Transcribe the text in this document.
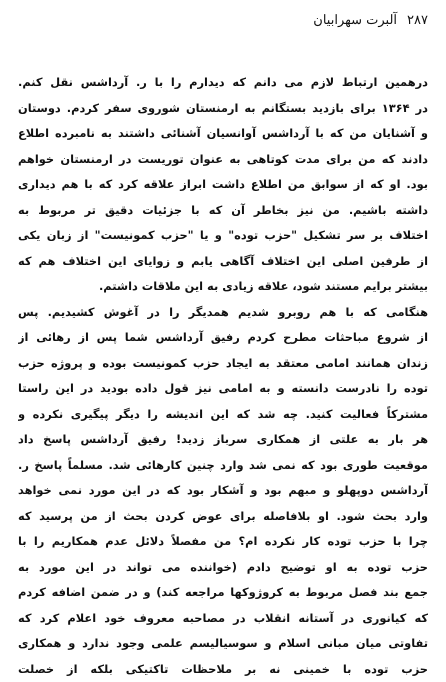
۲۸۷
آلبرت سهرابیان
درهمین ارتباط لازم می دانم که دیدارم را با ر. آرداشس نقل کنم.
در ۱۳۶۴ برای بازدید بستگانم به ارمنستان شوروی سفر کردم. دوستان
و آشنایان من که با آرداشس آوانسیان آشنائی داشتند به نامبرده اطلاع
دادند که من برای مدت کوتاهی به عنوان توریست در ارمنستان خواهم
بود. او که از سوابق من اطلاع داشت ابراز علاقه کرد که با هم دیداری
داشته باشیم. من نیز بخاطر آن که با جزئیات دقیق تر مربوط به
اختلاف بر سر تشکیل "حزب توده" و یا "حزب کمونیست" از زبان یکی
از طرفین اصلی این اختلاف آگاهی یابم و زوایای این اختلاف هم که
بیشتر برایم مستند شود، علاقه زیادی به این ملاقات داشتم.
هنگامی که با هم روبرو شدیم همدیگر را در آغوش کشیدیم. پس
از شروع مباحثات مطرح کردم رفیق آرداشس شما پس از رهائی از
زندان همانند امامی معتقد به ایجاد حزب کمونیست بوده و پروژه حزب
توده را نادرست دانسته و به امامی نیز قول داده بودید در این راستا
مشترکاً فعالیت کنید. چه شد که این اندیشه را دیگر پیگیری نکرده و
هر بار به علتی از همکاری سرباز زدید! رفیق آرداشس پاسخ داد
موقعیت طوری بود که نمی شد وارد چنین کارهائی شد. مسلماً پاسخ ر.
آرداشس دوپهلو و مبهم بود و آشکار بود که در این مورد نمی خواهد
وارد بحث شود. او بلافاصله برای عوض کردن بحث از من پرسید که
چرا با حزب توده کار نکرده ام؟ من مفصلاً دلائل عدم همکاریم را با
حزب توده به او توضیح دادم (خواننده می تواند در این مورد به
جمع بند فصل مربوط به کروژوکها مراجعه کند) و در ضمن اضافه کردم
که کیانوری در آستانه انقلاب در مصاحبه معروف خود اعلام کرد که
تفاوتی میان مبانی اسلام و سوسیالیسم علمی وجود ندارد و همکاری
حزب توده با خمینی نه بر ملاحظات تاکتیکی بلکه از خصلت
